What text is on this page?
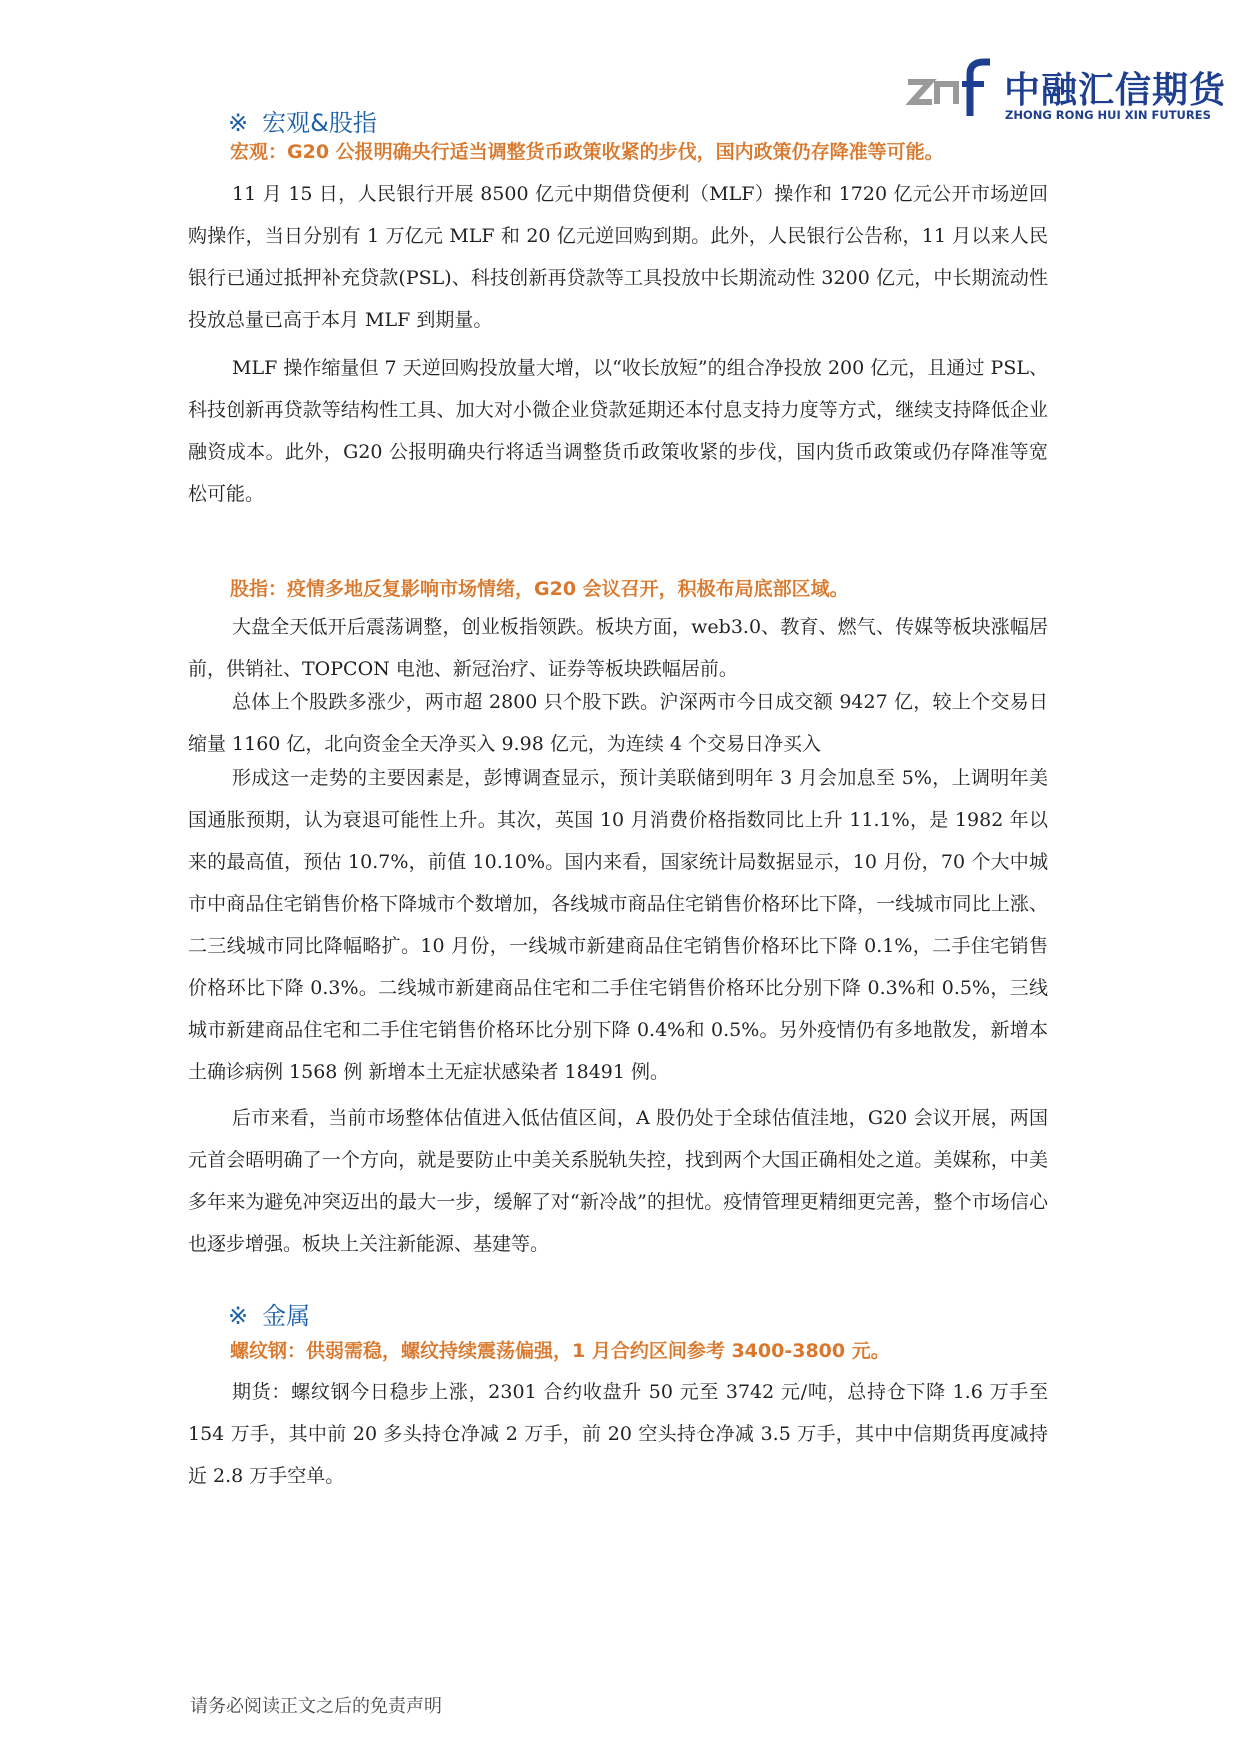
中融汇信期货
ZHONG RONG HUI XIN FUTURES
※ 宏观&股指
宏观：G20 公报明确央行适当调整货币政策收紧的步伐，国内政策仍存降准等可能。

11 月 15 日，人民银行开展 8500 亿元中期借贷便利（MLF）操作和 1720 亿元公开市场逆回购操作，当日分别有 1 万亿元 MLF 和 20 亿元逆回购到期。此外，人民银行公告称，11 月以来人民银行已通过抵押补充贷款(PSL)、科技创新再贷款等工具投放中长期流动性 3200 亿元，中长期流动性投放总量已高于本月 MLF 到期量。

MLF 操作缩量但 7 天逆回购投放量大增，以“收长放短”的组合净投放 200 亿元，且通过 PSL、科技创新再贷款等结构性工具、加大对小微企业贷款延期还本付息支持力度等方式，继续支持降低企业融资成本。此外，G20 公报明确央行将适当调整货币政策收紧的步伐，国内货币政策或仍存降准等宽松可能。

股指：疫情多地反复影响市场情绪，G20 会议召开，积极布局底部区域。

大盘全天低开后震荡调整，创业板指领跌。板块方面，web3.0、教育、燃气、传媒等板块涨幅居前，供销社、TOPCON 电池、新冠治疗、证券等板块跌幅居前。

总体上个股跌多涨少，两市超 2800 只个股下跌。沪深两市今日成交额 9427 亿，较上个交易日缩量 1160 亿，北向资金全天净买入 9.98 亿元，为连续 4 个交易日净买入

形成这一走势的主要因素是，彭博调查显示，预计美联储到明年 3 月会加息至 5%，上调明年美国通胀预期，认为衰退可能性上升。其次，英国 10 月消费价格指数同比上升 11.1%，是 1982 年以来的最高值，预估 10.7%，前值 10.10%。国内来看，国家统计局数据显示，10 月份，70 个大中城市中商品住宅销售价格下降城市个数增加，各线城市商品住宅销售价格环比下降，一线城市同比上涨、二三线城市同比降幅略扩。10 月份，一线城市新建商品住宅销售价格环比下降 0.1%，二手住宅销售价格环比下降 0.3%。二线城市新建商品住宅和二手住宅销售价格环比分别下降 0.3%和 0.5%，三线城市新建商品住宅和二手住宅销售价格环比分别下降 0.4%和 0.5%。另外疫情仍有多地散发，新增本土确诊病例 1568 例 新增本土无症状感染者 18491 例。

后市来看，当前市场整体估值进入低估值区间，A 股仍处于全球估值洼地，G20 会议开展，两国元首会晤明确了一个方向，就是要防止中美关系脱轨失控，找到两个大国正确相处之道。美媒称，中美多年来为避免冲突迈出的最大一步，缓解了对“新冷战”的担忧。疫情管理更精细更完善，整个市场信心也逐步增强。板块上关注新能源、基建等。

※ 金属
螺纹钢：供弱需稳，螺纹持续震荡偏强，1 月合约区间参考 3400-3800 元。

期货：螺纹钢今日稳步上涨，2301 合约收盘升 50 元至 3742 元/吨，总持仓下降 1.6 万手至 154 万手，其中前 20 多头持仓净减 2 万手，前 20 空头持仓净减 3.5 万手，其中中信期货再度减持近 2.8 万手空单。

请务必阅读正文之后的免责声明
